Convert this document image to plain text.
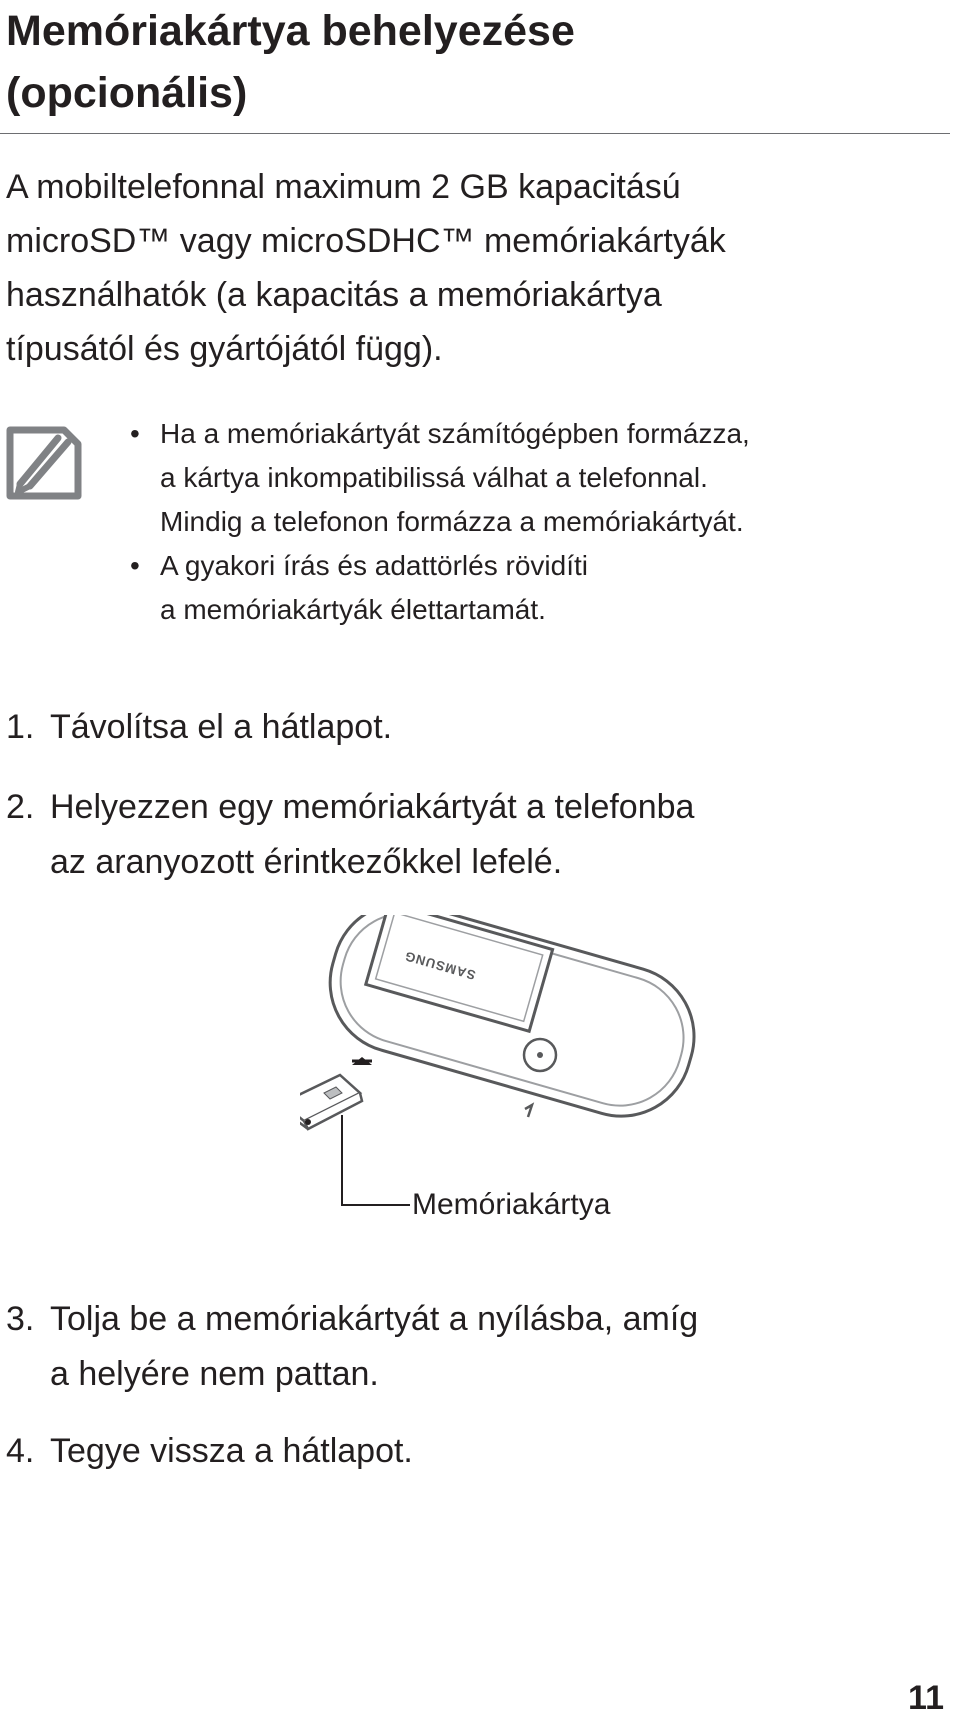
Memóriakártya behelyezése
(opcionális)

A mobiltelefonnal maximum 2 GB kapacitású
microSD™ vagy microSDHC™ memóriakártyák
használhatók (a kapacitás a memóriakártya
típusától és gyártójától függ).

• Ha a memóriakártyát számítógépben formázza,
a kártya inkompatibilissá válhat a telefonnal.
Mindig a telefonon formázza a memóriakártyát.
• A gyakori írás és adattörlés rövidíti
a memóriakártyák élettartamát.
1. Távolítsa el a hátlapot.
2. Helyezzen egy memóriakártyát a telefonba
az aranyozott érintkezőkkel lefelé.
SAMSUNG
Memóriakártya
3. Tolja be a memóriakártyát a nyílásba, amíg
a helyére nem pattan.
4. Tegye vissza a hátlapot.
11
